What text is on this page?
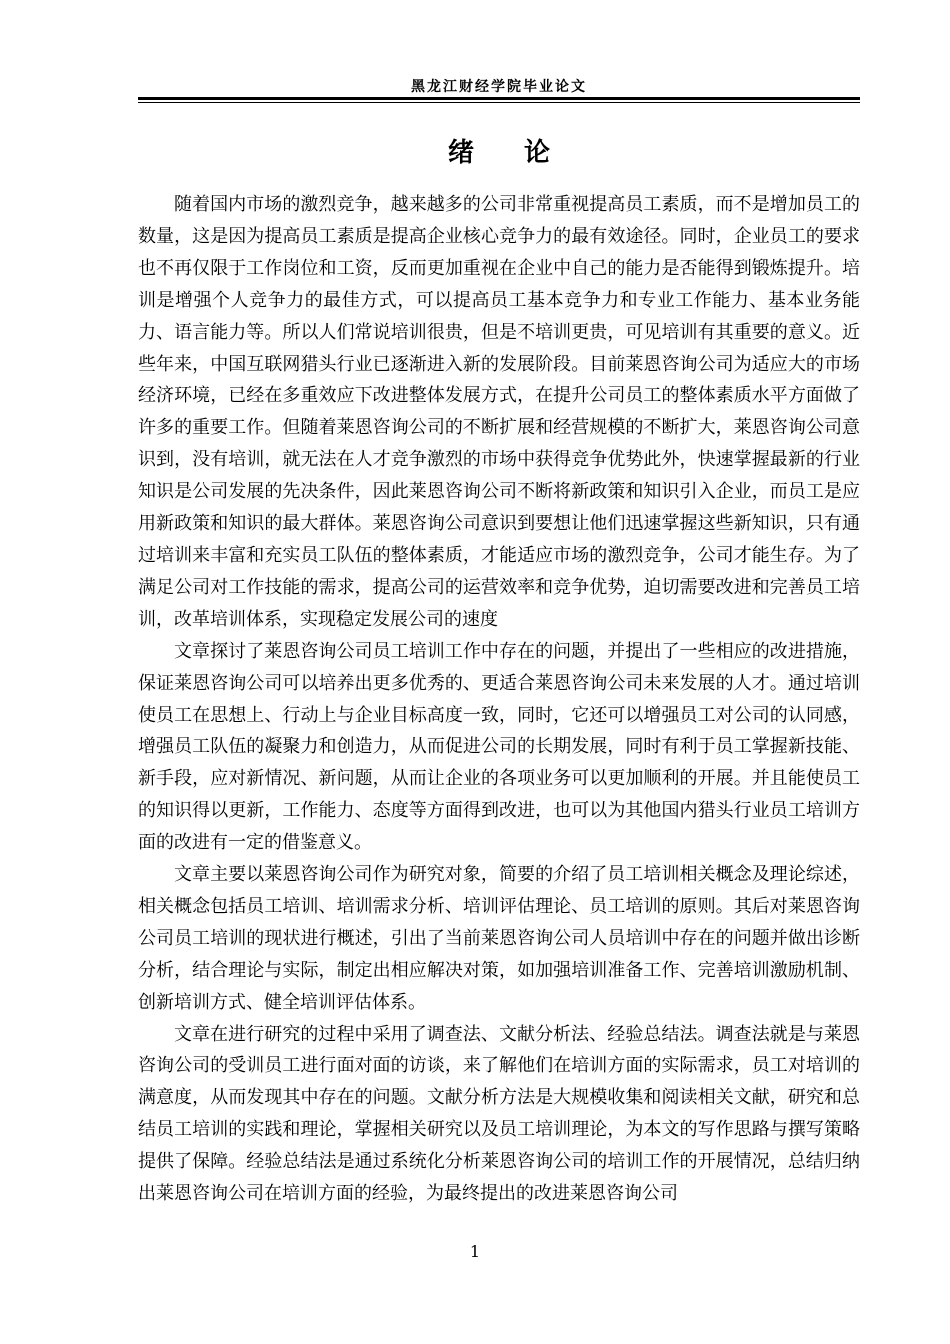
黑龙江财经学院毕业论文
绪论

随着国内市场的激烈竞争，越来越多的公司非常重视提高员工素质，而不是增加员工的数量，这是因为提高员工素质是提高企业核心竞争力的最有效途径。同时，企业员工的要求也不再仅限于工作岗位和工资，反而更加重视在企业中自己的能力是否能得到锻炼提升。培训是增强个人竞争力的最佳方式，可以提高员工基本竞争力和专业工作能力、基本业务能力、语言能力等。所以人们常说培训很贵，但是不培训更贵，可见培训有其重要的意义。近些年来，中国互联网猎头行业已逐渐进入新的发展阶段。目前莱恩咨询公司为适应大的市场经济环境，已经在多重效应下改进整体发展方式，在提升公司员工的整体素质水平方面做了许多的重要工作。但随着莱恩咨询公司的不断扩展和经营规模的不断扩大，莱恩咨询公司意识到，没有培训，就无法在人才竞争激烈的市场中获得竞争优势此外，快速掌握最新的行业知识是公司发展的先决条件，因此莱恩咨询公司不断将新政策和知识引入企业，而员工是应用新政策和知识的最大群体。莱恩咨询公司意识到要想让他们迅速掌握这些新知识，只有通过培训来丰富和充实员工队伍的整体素质，才能适应市场的激烈竞争，公司才能生存。为了满足公司对工作技能的需求，提高公司的运营效率和竞争优势，迫切需要改进和完善员工培训，改革培训体系，实现稳定发展公司的速度

文章探讨了莱恩咨询公司员工培训工作中存在的问题，并提出了一些相应的改进措施，保证莱恩咨询公司可以培养出更多优秀的、更适合莱恩咨询公司未来发展的人才。通过培训使员工在思想上、行动上与企业目标高度一致，同时，它还可以增强员工对公司的认同感，增强员工队伍的凝聚力和创造力，从而促进公司的长期发展，同时有利于员工掌握新技能、新手段，应对新情况、新问题，从而让企业的各项业务可以更加顺利的开展。并且能使员工的知识得以更新，工作能力、态度等方面得到改进，也可以为其他国内猎头行业员工培训方面的改进有一定的借鉴意义。

文章主要以莱恩咨询公司作为研究对象，简要的介绍了员工培训相关概念及理论综述，相关概念包括员工培训、培训需求分析、培训评估理论、员工培训的原则。其后对莱恩咨询公司员工培训的现状进行概述，引出了当前莱恩咨询公司人员培训中存在的问题并做出诊断分析，结合理论与实际，制定出相应解决对策，如加强培训准备工作、完善培训激励机制、创新培训方式、健全培训评估体系。

文章在进行研究的过程中采用了调查法、文献分析法、经验总结法。调查法就是与莱恩咨询公司的受训员工进行面对面的访谈，来了解他们在培训方面的实际需求，员工对培训的满意度，从而发现其中存在的问题。文献分析方法是大规模收集和阅读相关文献，研究和总结员工培训的实践和理论，掌握相关研究以及员工培训理论，为本文的写作思路与撰写策略提供了保障。经验总结法是通过系统化分析莱恩咨询公司的培训工作的开展情况，总结归纳出莱恩咨询公司在培训方面的经验，为最终提出的改进莱恩咨询公司

1
